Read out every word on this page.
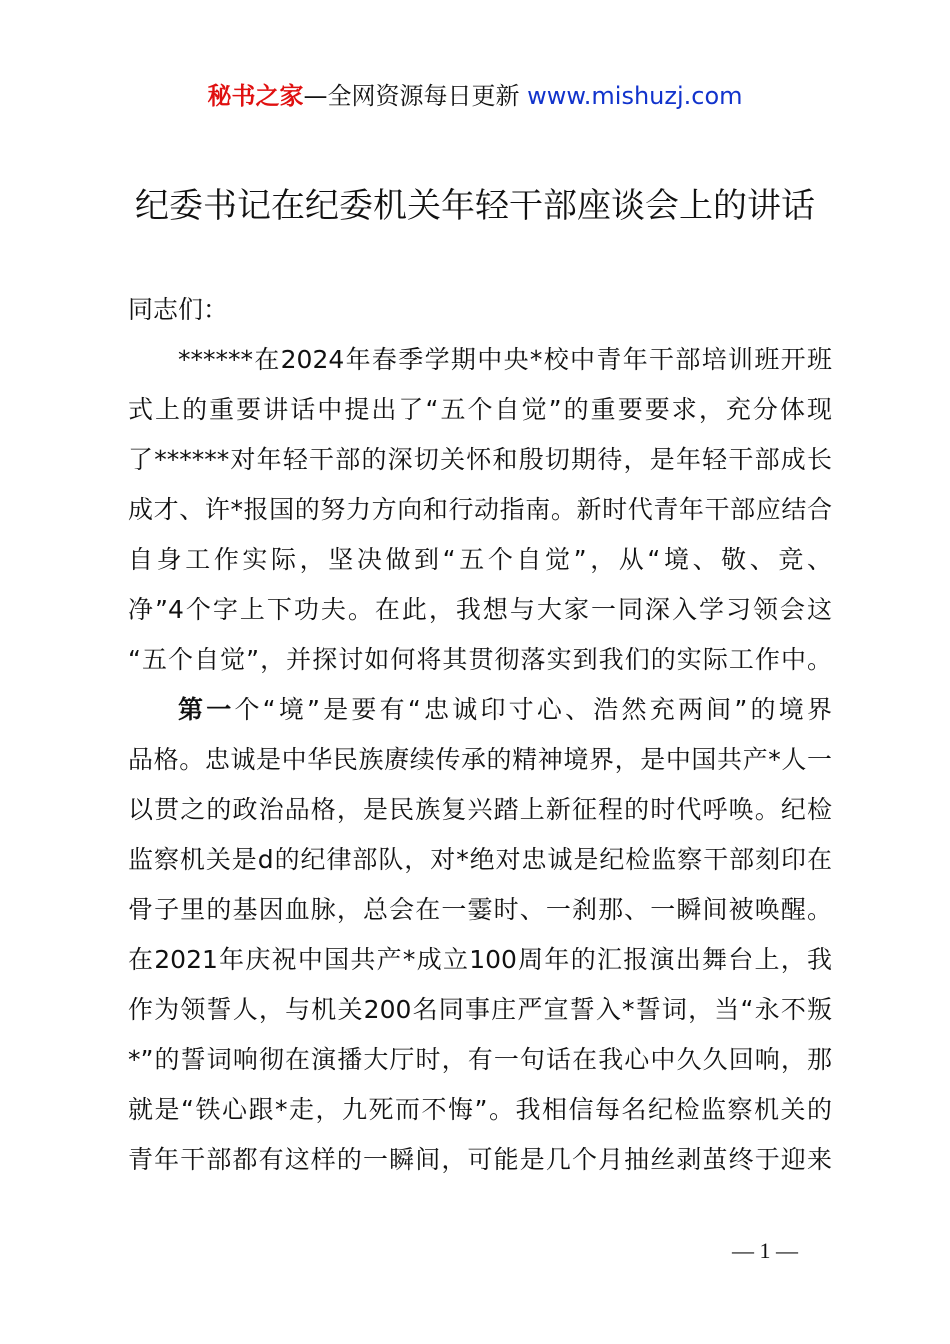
秘书之家—全网资源每日更新 www.mishuzj.com
纪委书记在纪委机关年轻干部座谈会上的讲话
同志们：
******在2024年春季学期中央*校中青年干部培训班开班
式上的重要讲话中提出了“五个自觉”的重要要求，充分体现
了******对年轻干部的深切关怀和殷切期待，是年轻干部成长
成才、许*报国的努力方向和行动指南。新时代青年干部应结合
自身工作实际，坚决做到“五个自觉”，从“境、敬、竞、
净”4个字上下功夫。在此，我想与大家一同深入学习领会这
“五个自觉”，并探讨如何将其贯彻落实到我们的实际工作中。
第一个“境”是要有“忠诚印寸心、浩然充两间”的境界
品格。忠诚是中华民族赓续传承的精神境界，是中国共产*人一
以贯之的政治品格，是民族复兴踏上新征程的时代呼唤。纪检
监察机关是d的纪律部队，对*绝对忠诚是纪检监察干部刻印在
骨子里的基因血脉，总会在一霎时、一刹那、一瞬间被唤醒。
在2021年庆祝中国共产*成立100周年的汇报演出舞台上，我
作为领誓人，与机关200名同事庄严宣誓入*誓词，当“永不叛
*”的誓词响彻在演播大厅时，有一句话在我心中久久回响，那
就是“铁心跟*走，九死而不悔”。我相信每名纪检监察机关的
青年干部都有这样的一瞬间，可能是几个月抽丝剥茧终于迎来
— 1 —
